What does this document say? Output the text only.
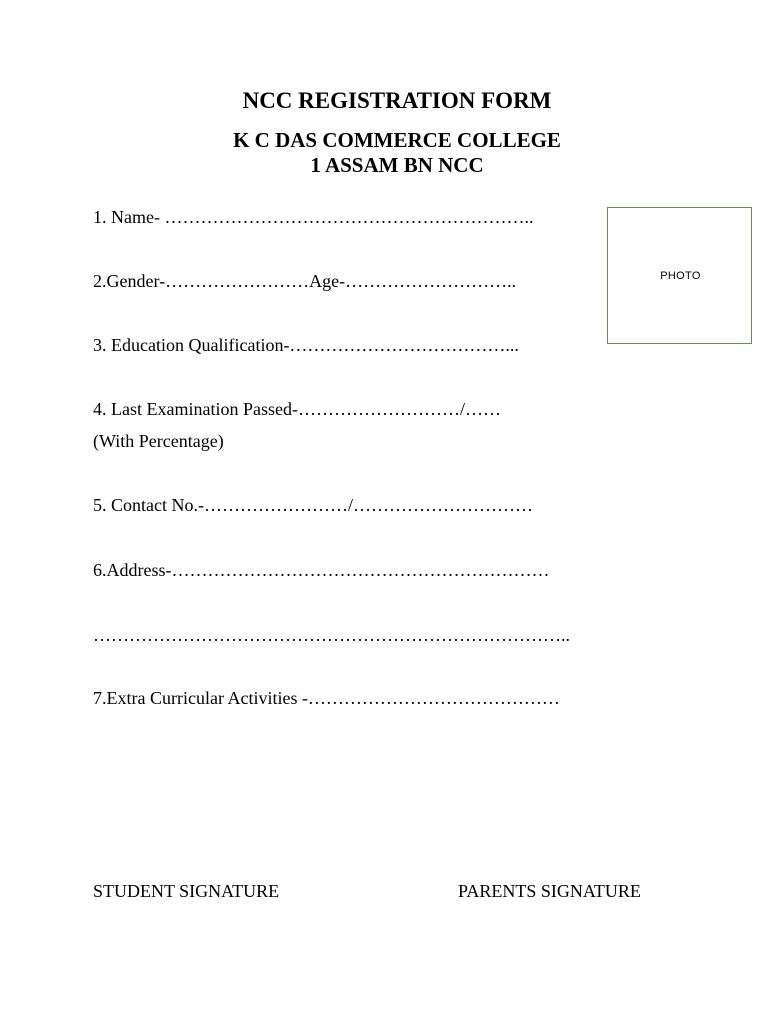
NCC REGISTRATION FORM
K C DAS COMMERCE COLLEGE
1 ASSAM BN NCC
1. Name- ……………………………………………………..
2.Gender-……………………Age-………………………..
3. Education Qualification-………………………………...
4. Last Examination Passed-………………………/……
(With Percentage)
5. Contact No.-……………………/…………………………
6.Address-………………………………………………………
……………………………………………………………………..
7.Extra Curricular Activities -……………………………………
PHOTO
STUDENT SIGNATURE	PARENTS SIGNATURE
